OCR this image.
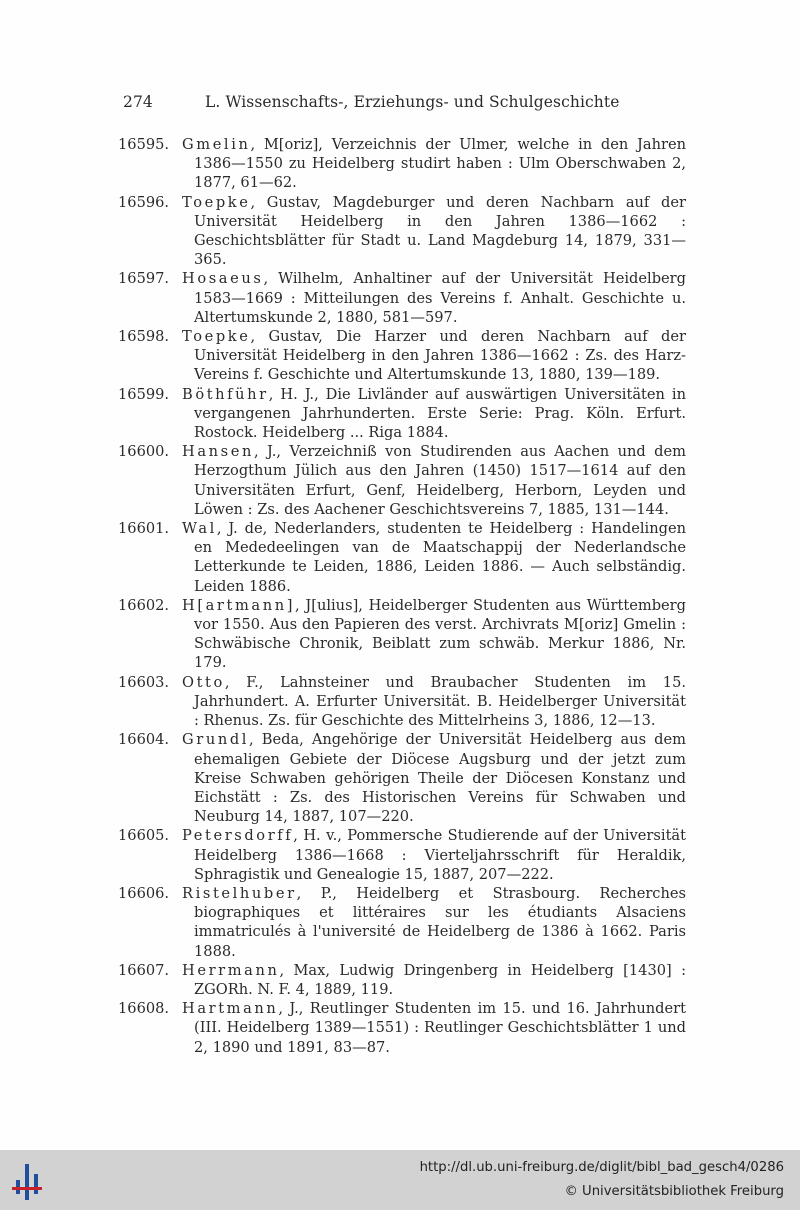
274	L. Wissenschafts-, Erziehungs- und Schulgeschichte
16595. Gmelin, M[oriz], Verzeichnis der Ulmer, welche in den Jahren 1386—1550 zu Heidelberg studirt haben : Ulm Oberschwaben 2, 1877, 61—62.
16596. Toepke, Gustav, Magdeburger und deren Nachbarn auf der Universität Heidelberg in den Jahren 1386—1662 : Geschichtsblätter für Stadt u. Land Magdeburg 14, 1879, 331—365.
16597. Hosaeus, Wilhelm, Anhaltiner auf der Universität Heidelberg 1583—1669 : Mitteilungen des Vereins f. Anhalt. Geschichte u. Altertumskunde 2, 1880, 581—597.
16598. Toepke, Gustav, Die Harzer und deren Nachbarn auf der Universität Heidelberg in den Jahren 1386—1662 : Zs. des Harz-Vereins f. Geschichte und Altertumskunde 13, 1880, 139—189.
16599. Böthführ, H. J., Die Livländer auf auswärtigen Universitäten in vergangenen Jahrhunderten. Erste Serie: Prag. Köln. Erfurt. Rostock. Heidelberg ... Riga 1884.
16600. Hansen, J., Verzeichniß von Studirenden aus Aachen und dem Herzogthum Jülich aus den Jahren (1450) 1517—1614 auf den Universitäten Erfurt, Genf, Heidelberg, Herborn, Leyden und Löwen : Zs. des Aachener Geschichtsvereins 7, 1885, 131—144.
16601. Wal, J. de, Nederlanders, studenten te Heidelberg : Handelingen en Mededeelingen van de Maatschappij der Nederlandsche Letterkunde te Leiden, 1886, Leiden 1886. — Auch selbständig. Leiden 1886.
16602. H[artmann], J[ulius], Heidelberger Studenten aus Württemberg vor 1550. Aus den Papieren des verst. Archivrats M[oriz] Gmelin : Schwäbische Chronik, Beiblatt zum schwäb. Merkur 1886, Nr. 179.
16603. Otto, F., Lahnsteiner und Braubacher Studenten im 15. Jahrhundert. A. Erfurter Universität. B. Heidelberger Universität : Rhenus. Zs. für Geschichte des Mittelrheins 3, 1886, 12—13.
16604. Grundl, Beda, Angehörige der Universität Heidelberg aus dem ehemaligen Gebiete der Diöcese Augsburg und der jetzt zum Kreise Schwaben gehörigen Theile der Diöcesen Konstanz und Eichstätt : Zs. des Historischen Vereins für Schwaben und Neuburg 14, 1887, 107—220.
16605. Petersdorff, H. v., Pommersche Studierende auf der Universität Heidelberg 1386—1668 : Vierteljahrsschrift für Heraldik, Sphragistik und Genealogie 15, 1887, 207—222.
16606. Ristelhuber, P., Heidelberg et Strasbourg. Recherches biographiques et littéraires sur les étudiants Alsaciens immatriculés à l'université de Heidelberg de 1386 à 1662. Paris 1888.
16607. Herrmann, Max, Ludwig Dringenberg in Heidelberg [1430] : ZGORh. N. F. 4, 1889, 119.
16608. Hartmann, J., Reutlinger Studenten im 15. und 16. Jahrhundert (III. Heidelberg 1389—1551) : Reutlinger Geschichtsblätter 1 und 2, 1890 und 1891, 83—87.
http://dl.ub.uni-freiburg.de/diglit/bibl_bad_gesch4/0286
© Universitätsbibliothek Freiburg
